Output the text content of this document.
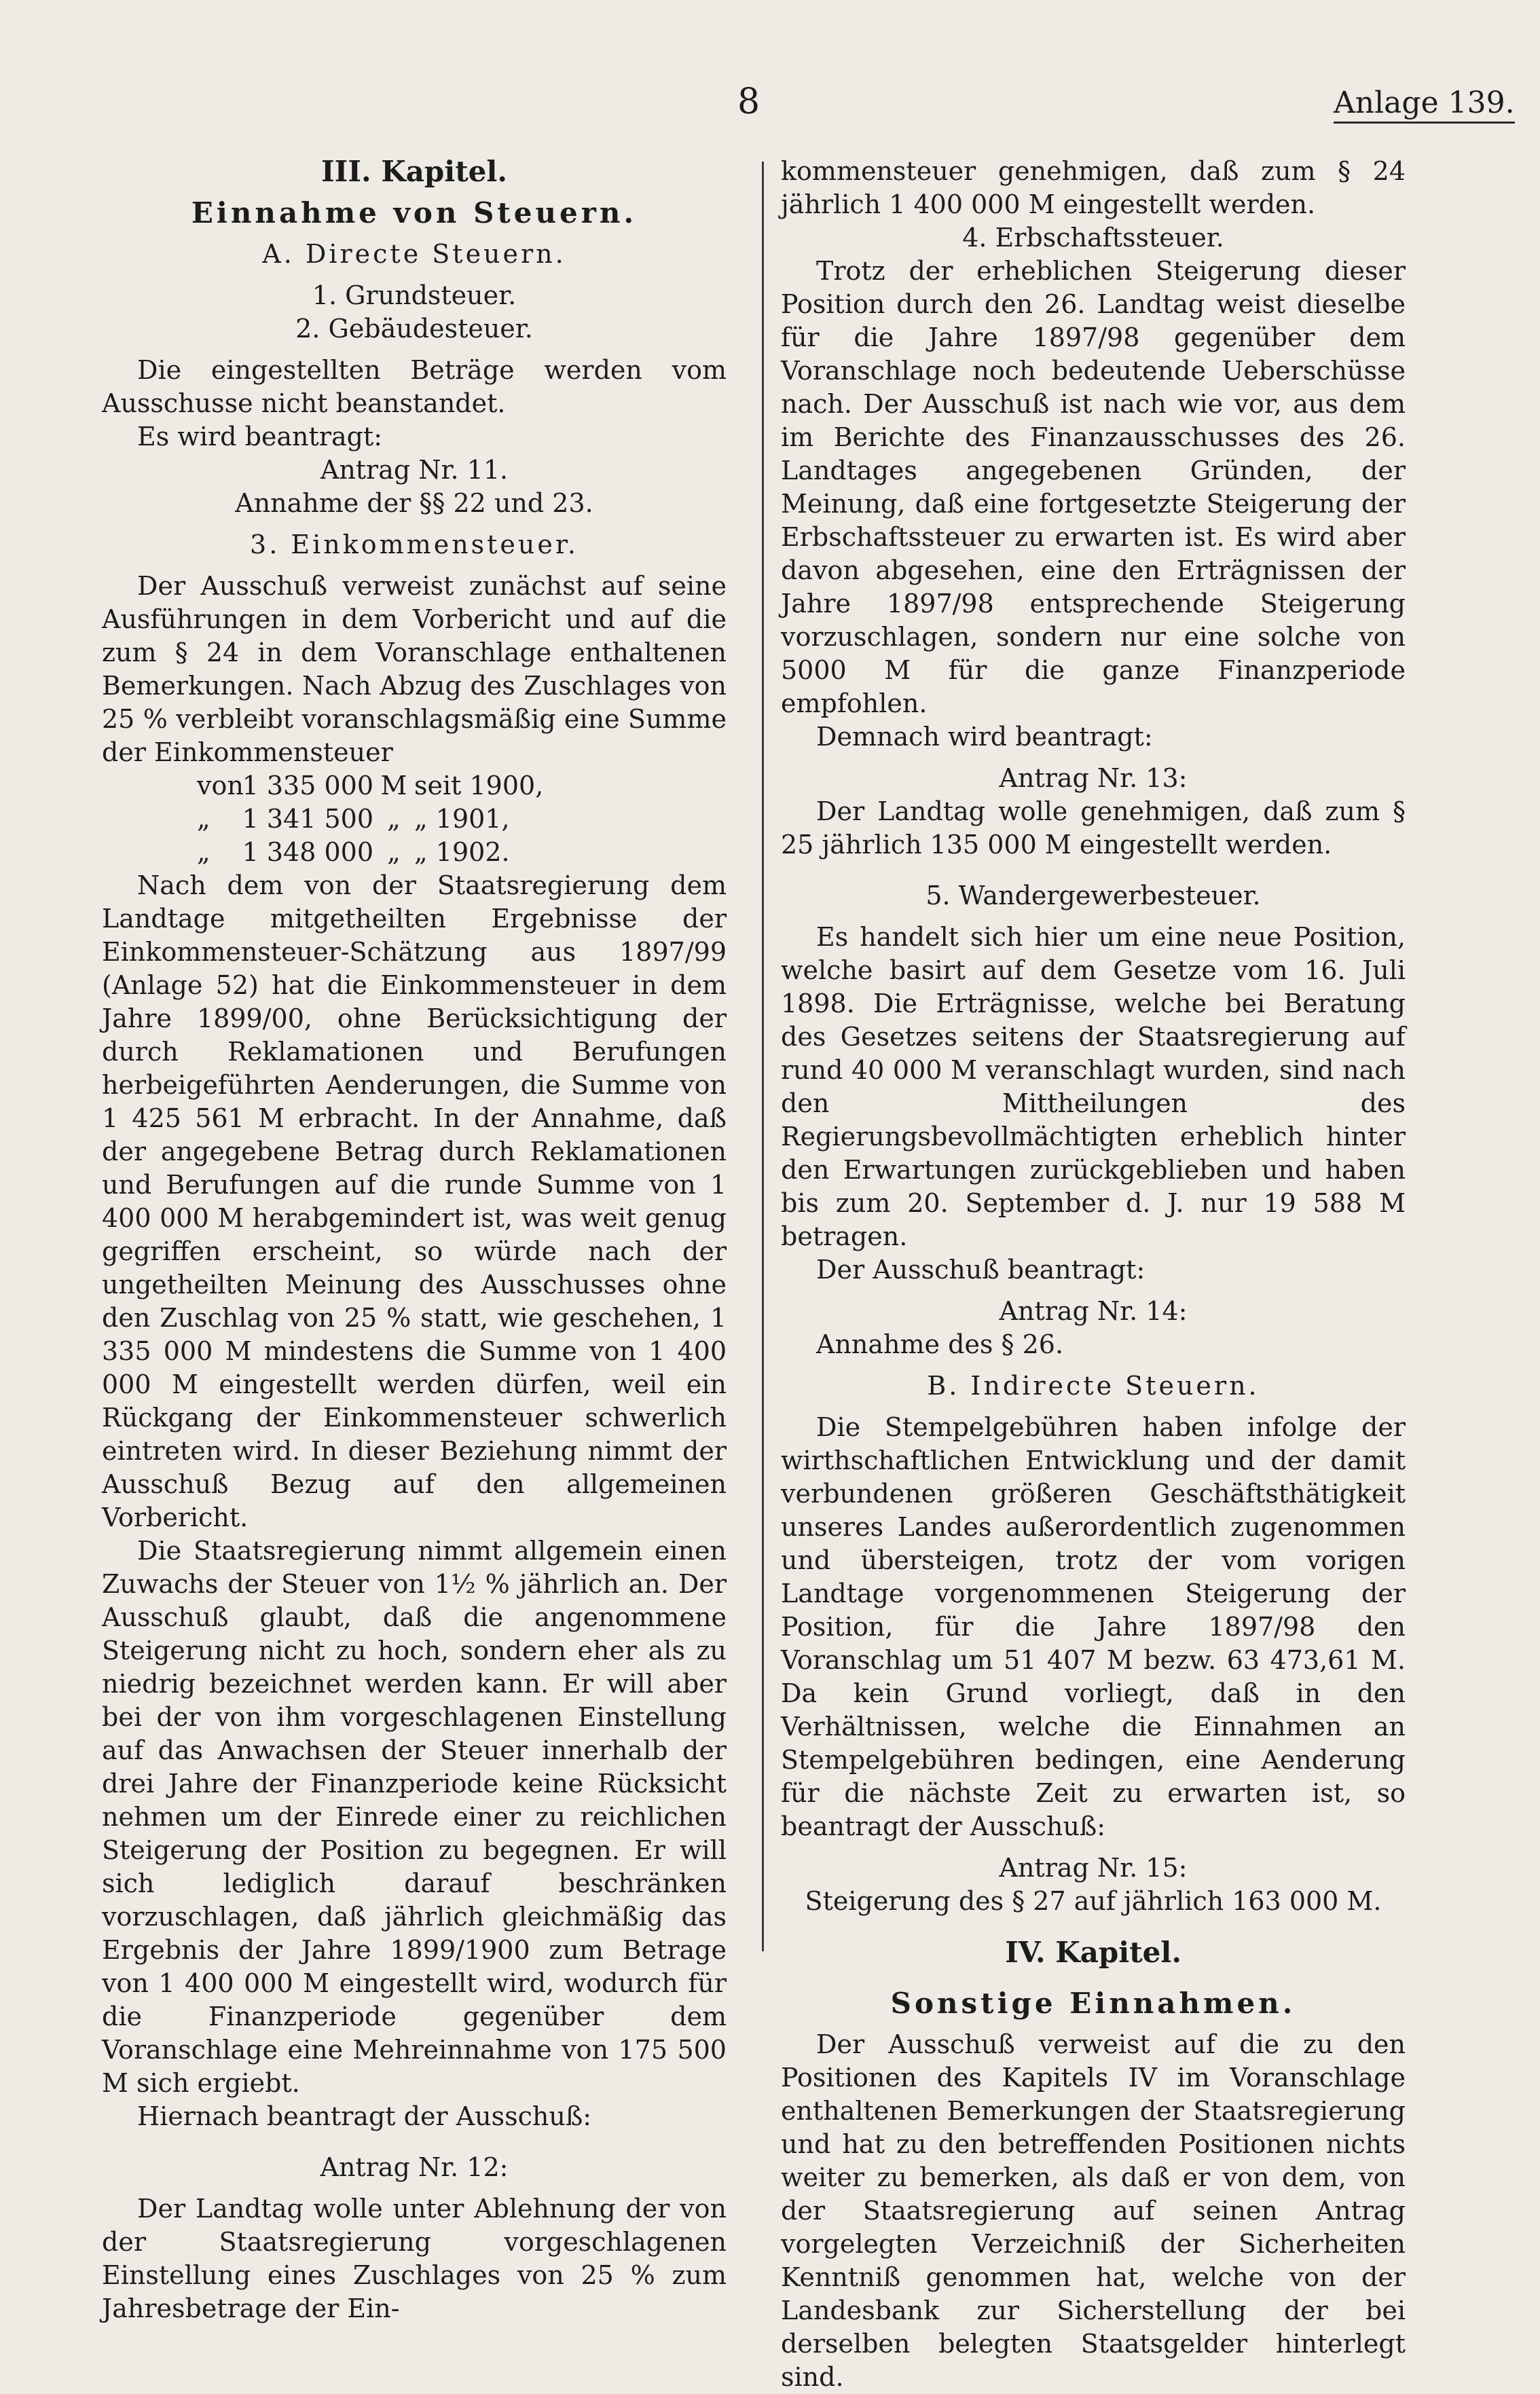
8	Anlage 139.
III. Kapitel.
Einnahme von Steuern.
A. Directe Steuern.
1. Grundsteuer.
2. Gebäudesteuer.

Die eingestellten Beträge werden vom Ausschusse nicht beanstandet.

Es wird beantragt:

Antrag Nr. 11.
Annahme der §§ 22 und 23.
3. Einkommensteuer.

Der Ausschuß verweist zunächst auf seine Ausführungen in dem Vorbericht und auf die zum § 24 in dem Voranschlage enthaltenen Bemerkungen. Nach Abzug des Zuschlages von 25 % verbleibt voranschlagsmäßig eine Summe der Einkommensteuer

von
1 335 000 M seit 1900,
„	1 341 500 „ „ 1901,
„	1 348 000 „ „ 1902.

Nach dem von der Staatsregierung dem Landtage mitgetheilten Ergebnisse der Einkommensteuer-Schätzung aus 1897/99 (Anlage 52) hat die Einkommensteuer in dem Jahre 1899/00, ohne Berücksichtigung der durch Reklamationen und Berufungen herbeigeführten Aenderungen, die Summe von 1 425 561 M erbracht. In der Annahme, daß der angegebene Betrag durch Reklamationen und Berufungen auf die runde Summe von 1 400 000 M herabgemindert ist, was weit genug gegriffen erscheint, so würde nach der ungetheilten Meinung des Ausschusses ohne den Zuschlag von 25 % statt, wie geschehen, 1 335 000 M mindestens die Summe von 1 400 000 M eingestellt werden dürfen, weil ein Rückgang der Einkommensteuer schwerlich eintreten wird. In dieser Beziehung nimmt der Ausschuß Bezug auf den allgemeinen Vorbericht.

Die Staatsregierung nimmt allgemein einen Zuwachs der Steuer von 1½ % jährlich an. Der Ausschuß glaubt, daß die angenommene Steigerung nicht zu hoch, sondern eher als zu niedrig bezeichnet werden kann. Er will aber bei der von ihm vorgeschlagenen Einstellung auf das Anwachsen der Steuer innerhalb der drei Jahre der Finanzperiode keine Rücksicht nehmen um der Einrede einer zu reichlichen Steigerung der Position zu begegnen. Er will sich lediglich darauf beschränken vorzuschlagen, daß jährlich gleichmäßig das Ergebnis der Jahre 1899/1900 zum Betrage von 1 400 000 M eingestellt wird, wodurch für die Finanzperiode gegenüber dem Voranschlage eine Mehreinnahme von 175 500 M sich ergiebt.

Hiernach beantragt der Ausschuß:

Antrag Nr. 12:

Der Landtag wolle unter Ablehnung der von der Staatsregierung vorgeschlagenen Einstellung eines Zuschlages von 25 % zum Jahresbetrage der Ein-

kommensteuer genehmigen, daß zum § 24 jährlich 1 400 000 M eingestellt werden.

4. Erbschaftssteuer.

Trotz der erheblichen Steigerung dieser Position durch den 26. Landtag weist dieselbe für die Jahre 1897/98 gegenüber dem Voranschlage noch bedeutende Ueberschüsse nach. Der Ausschuß ist nach wie vor, aus dem im Berichte des Finanzausschusses des 26. Landtages angegebenen Gründen, der Meinung, daß eine fortgesetzte Steigerung der Erbschaftssteuer zu erwarten ist. Es wird aber davon abgesehen, eine den Erträgnissen der Jahre 1897/98 entsprechende Steigerung vorzuschlagen, sondern nur eine solche von 5000 M für die ganze Finanzperiode empfohlen.

Demnach wird beantragt:

Antrag Nr. 13:

Der Landtag wolle genehmigen, daß zum § 25 jährlich 135 000 M eingestellt werden.

5. Wandergewerbesteuer.

Es handelt sich hier um eine neue Position, welche basirt auf dem Gesetze vom 16. Juli 1898. Die Erträgnisse, welche bei Beratung des Gesetzes seitens der Staatsregierung auf rund 40 000 M veranschlagt wurden, sind nach den Mittheilungen des Regierungsbevollmächtigten erheblich hinter den Erwartungen zurückgeblieben und haben bis zum 20. September d. J. nur 19 588 M betragen.

Der Ausschuß beantragt:

Antrag Nr. 14:

Annahme des § 26.

B. Indirecte Steuern.

Die Stempelgebühren haben infolge der wirthschaftlichen Entwicklung und der damit verbundenen größeren Geschäftsthätigkeit unseres Landes außerordentlich zugenommen und übersteigen, trotz der vom vorigen Landtage vorgenommenen Steigerung der Position, für die Jahre 1897/98 den Voranschlag um 51 407 M bezw. 63 473,61 M. Da kein Grund vorliegt, daß in den Verhältnissen, welche die Einnahmen an Stempelgebühren bedingen, eine Aenderung für die nächste Zeit zu erwarten ist, so beantragt der Ausschuß:

Antrag Nr. 15:
Steigerung des § 27 auf jährlich 163 000 M.
IV. Kapitel.
Sonstige Einnahmen.

Der Ausschuß verweist auf die zu den Positionen des Kapitels IV im Voranschlage enthaltenen Bemerkungen der Staatsregierung und hat zu den betreffenden Positionen nichts weiter zu bemerken, als daß er von dem, von der Staatsregierung auf seinen Antrag vorgelegten Verzeichniß der Sicherheiten Kenntniß genommen hat, welche von der Landesbank zur Sicherstellung der bei derselben belegten Staatsgelder hinterlegt sind.
